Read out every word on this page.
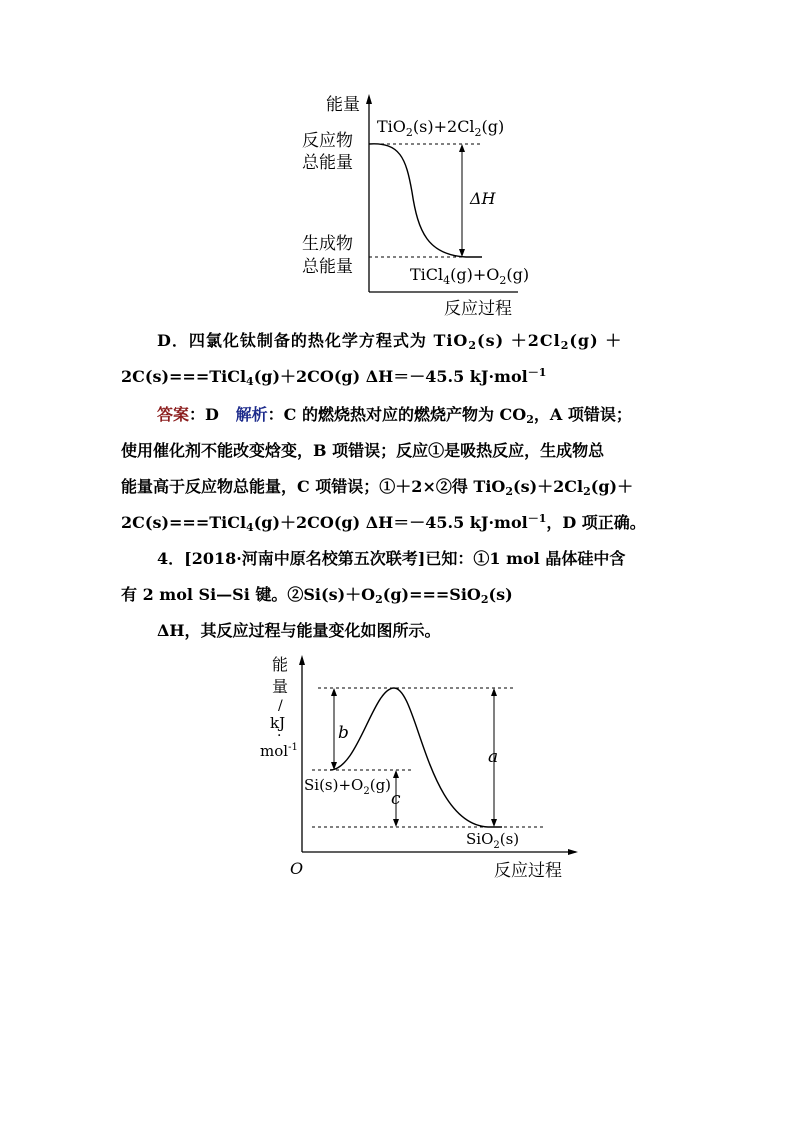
能量
反应物
总能量
生成物
总能量
$TiO_2(s)+2Cl_2(g)$
ΔH
$TiCl_4(g)+O_2(g)$
反应过程
D．四氯化钛制备的热化学方程式为 $TiO_2(s) +2Cl_2(g)$ ＋
2C(s)===TiCl$_4$(g)＋2CO(g) ΔH＝－45.5 kJ·mol$^{-1}$
答案：D 解析：C 的燃烧热对应的燃烧产物为 $CO_2$，A 项错误；
使用催化剂不能改变焓变，B 项错误；反应①是吸热反应，生成物总
能量高于反应物总能量，C 项错误；①＋2×②得 $TiO_2(s)+2Cl_2(g)+$
2C(s)===TiCl$_4$(g)＋2CO(g) ΔH＝－45.5 kJ·mol$^{-1}$，D 项正确。
4．[2018·河南中原名校第五次联考]已知：①1 mol 晶体硅中含
有 2 mol Si—Si 键。$②Si(s)+O_2(g)===SiO_2(s)$
ΔH，其反应过程与能量变化如图所示。
能
量
/
kJ
·
mol$^{-1}$
b
a
c
$Si(s)+O_2(g)$
SiO$_2$(s)
O	反应过程
